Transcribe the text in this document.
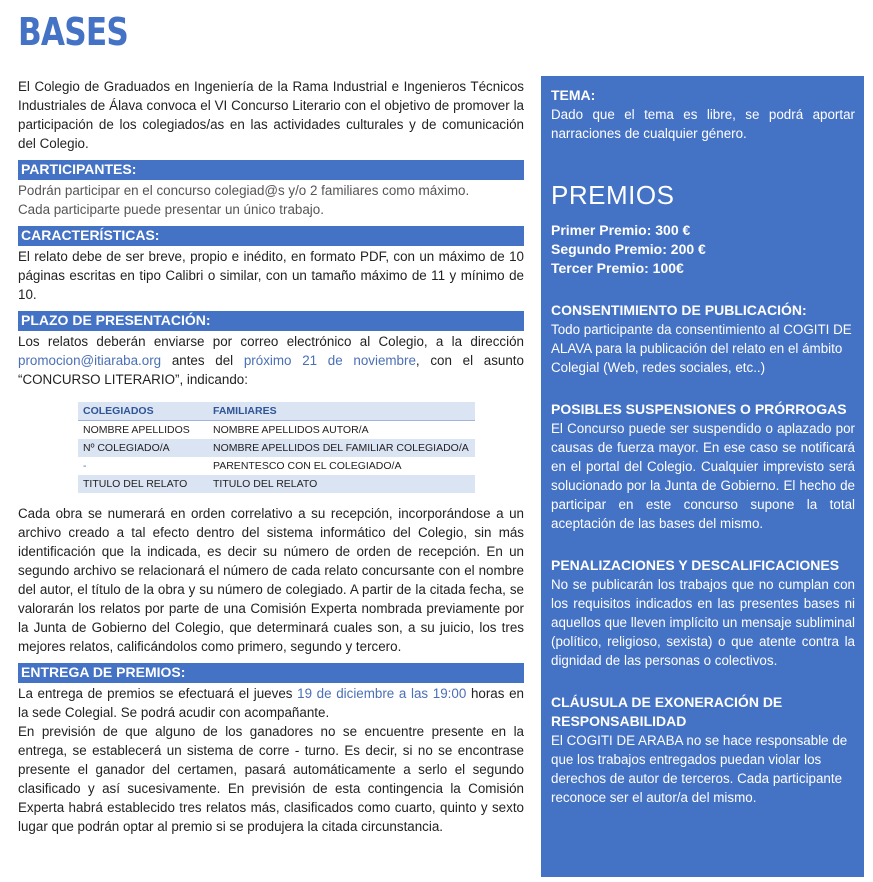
BASES

El Colegio de Graduados en Ingeniería de la Rama Industrial e Ingenieros Técnicos Industriales de Álava convoca el VI Concurso Literario con el objetivo de promover la participación de los colegiados/as en las actividades culturales y de comunicación del Colegio.

PARTICIPANTES:

Podrán participar en el concurso colegiad@s y/o 2 familiares como máximo.

Cada participarte puede presentar un único trabajo.

CARACTERÍSTICAS:

El relato debe de ser breve, propio e inédito, en formato PDF, con un máximo de 10 páginas escritas en tipo Calibri o similar, con un tamaño máximo de 11 y mínimo de 10.

PLAZO DE PRESENTACIÓN:

Los relatos deberán enviarse por correo electrónico al Colegio, a la dirección promocion@itiaraba.org antes del próximo 21 de noviembre, con el asunto “CONCURSO LITERARIO”, indicando:

COLEGIADOS	FAMILIARES
NOMBRE APELLIDOS	NOMBRE APELLIDOS AUTOR/A
Nº COLEGIADO/A	NOMBRE APELLIDOS DEL FAMILIAR COLEGIADO/A
-	PARENTESCO CON EL COLEGIADO/A
TITULO DEL RELATO	TITULO DEL RELATO

Cada obra se numerará en orden correlativo a su recepción, incorporándose a un archivo creado a tal efecto dentro del sistema informático del Colegio, sin más identificación que la indicada, es decir su número de orden de recepción. En un segundo archivo se relacionará el número de cada relato concursante con el nombre del autor, el título de la obra y su número de colegiado. A partir de la citada fecha, se valorarán los relatos por parte de una Comisión Experta nombrada previamente por la Junta de Gobierno del Colegio, que determinará cuales son, a su juicio, los tres mejores relatos, calificándolos como primero, segundo y tercero.

ENTREGA DE PREMIOS:

La entrega de premios se efectuará el jueves 19 de diciembre a las 19:00 horas en la sede Colegial. Se podrá acudir con acompañante.

En previsión de que alguno de los ganadores no se encuentre presente en la entrega, se establecerá un sistema de corre - turno. Es decir, si no se encontrase presente el ganador del certamen, pasará automáticamente a serlo el segundo clasificado y así sucesivamente. En previsión de esta contingencia la Comisión Experta habrá establecido tres relatos más, clasificados como cuarto, quinto y sexto lugar que podrán optar al premio si se produjera la citada circunstancia.

TEMA:

Dado que el tema es libre, se podrá aportar narraciones de cualquier género.

PREMIOS
Primer Premio: 300 €
Segundo Premio: 200 €
Tercer Premio: 100€
CONSENTIMIENTO DE PUBLICACIÓN:

Todo participante da consentimiento al COGITI DE ALAVA para la publicación del relato en el ámbito Colegial (Web, redes sociales, etc..)

POSIBLES SUSPENSIONES O PRÓRROGAS

El Concurso puede ser suspendido o aplazado por causas de fuerza mayor. En ese caso se notificará en el portal del Colegio. Cualquier imprevisto será solucionado por la Junta de Gobierno. El hecho de participar en este concurso supone la total aceptación de las bases del mismo.

PENALIZACIONES Y DESCALIFICACIONES

No se publicarán los trabajos que no cumplan con los requisitos indicados en las presentes bases ni aquellos que lleven implícito un mensaje subliminal (político, religioso, sexista) o que atente contra la dignidad de las personas o colectivos.

CLÁUSULA DE EXONERACIÓN DE RESPONSABILIDAD

El COGITI DE ARABA no se hace responsable de que los trabajos entregados puedan violar los derechos de autor de terceros. Cada participante reconoce ser el autor/a del mismo.
